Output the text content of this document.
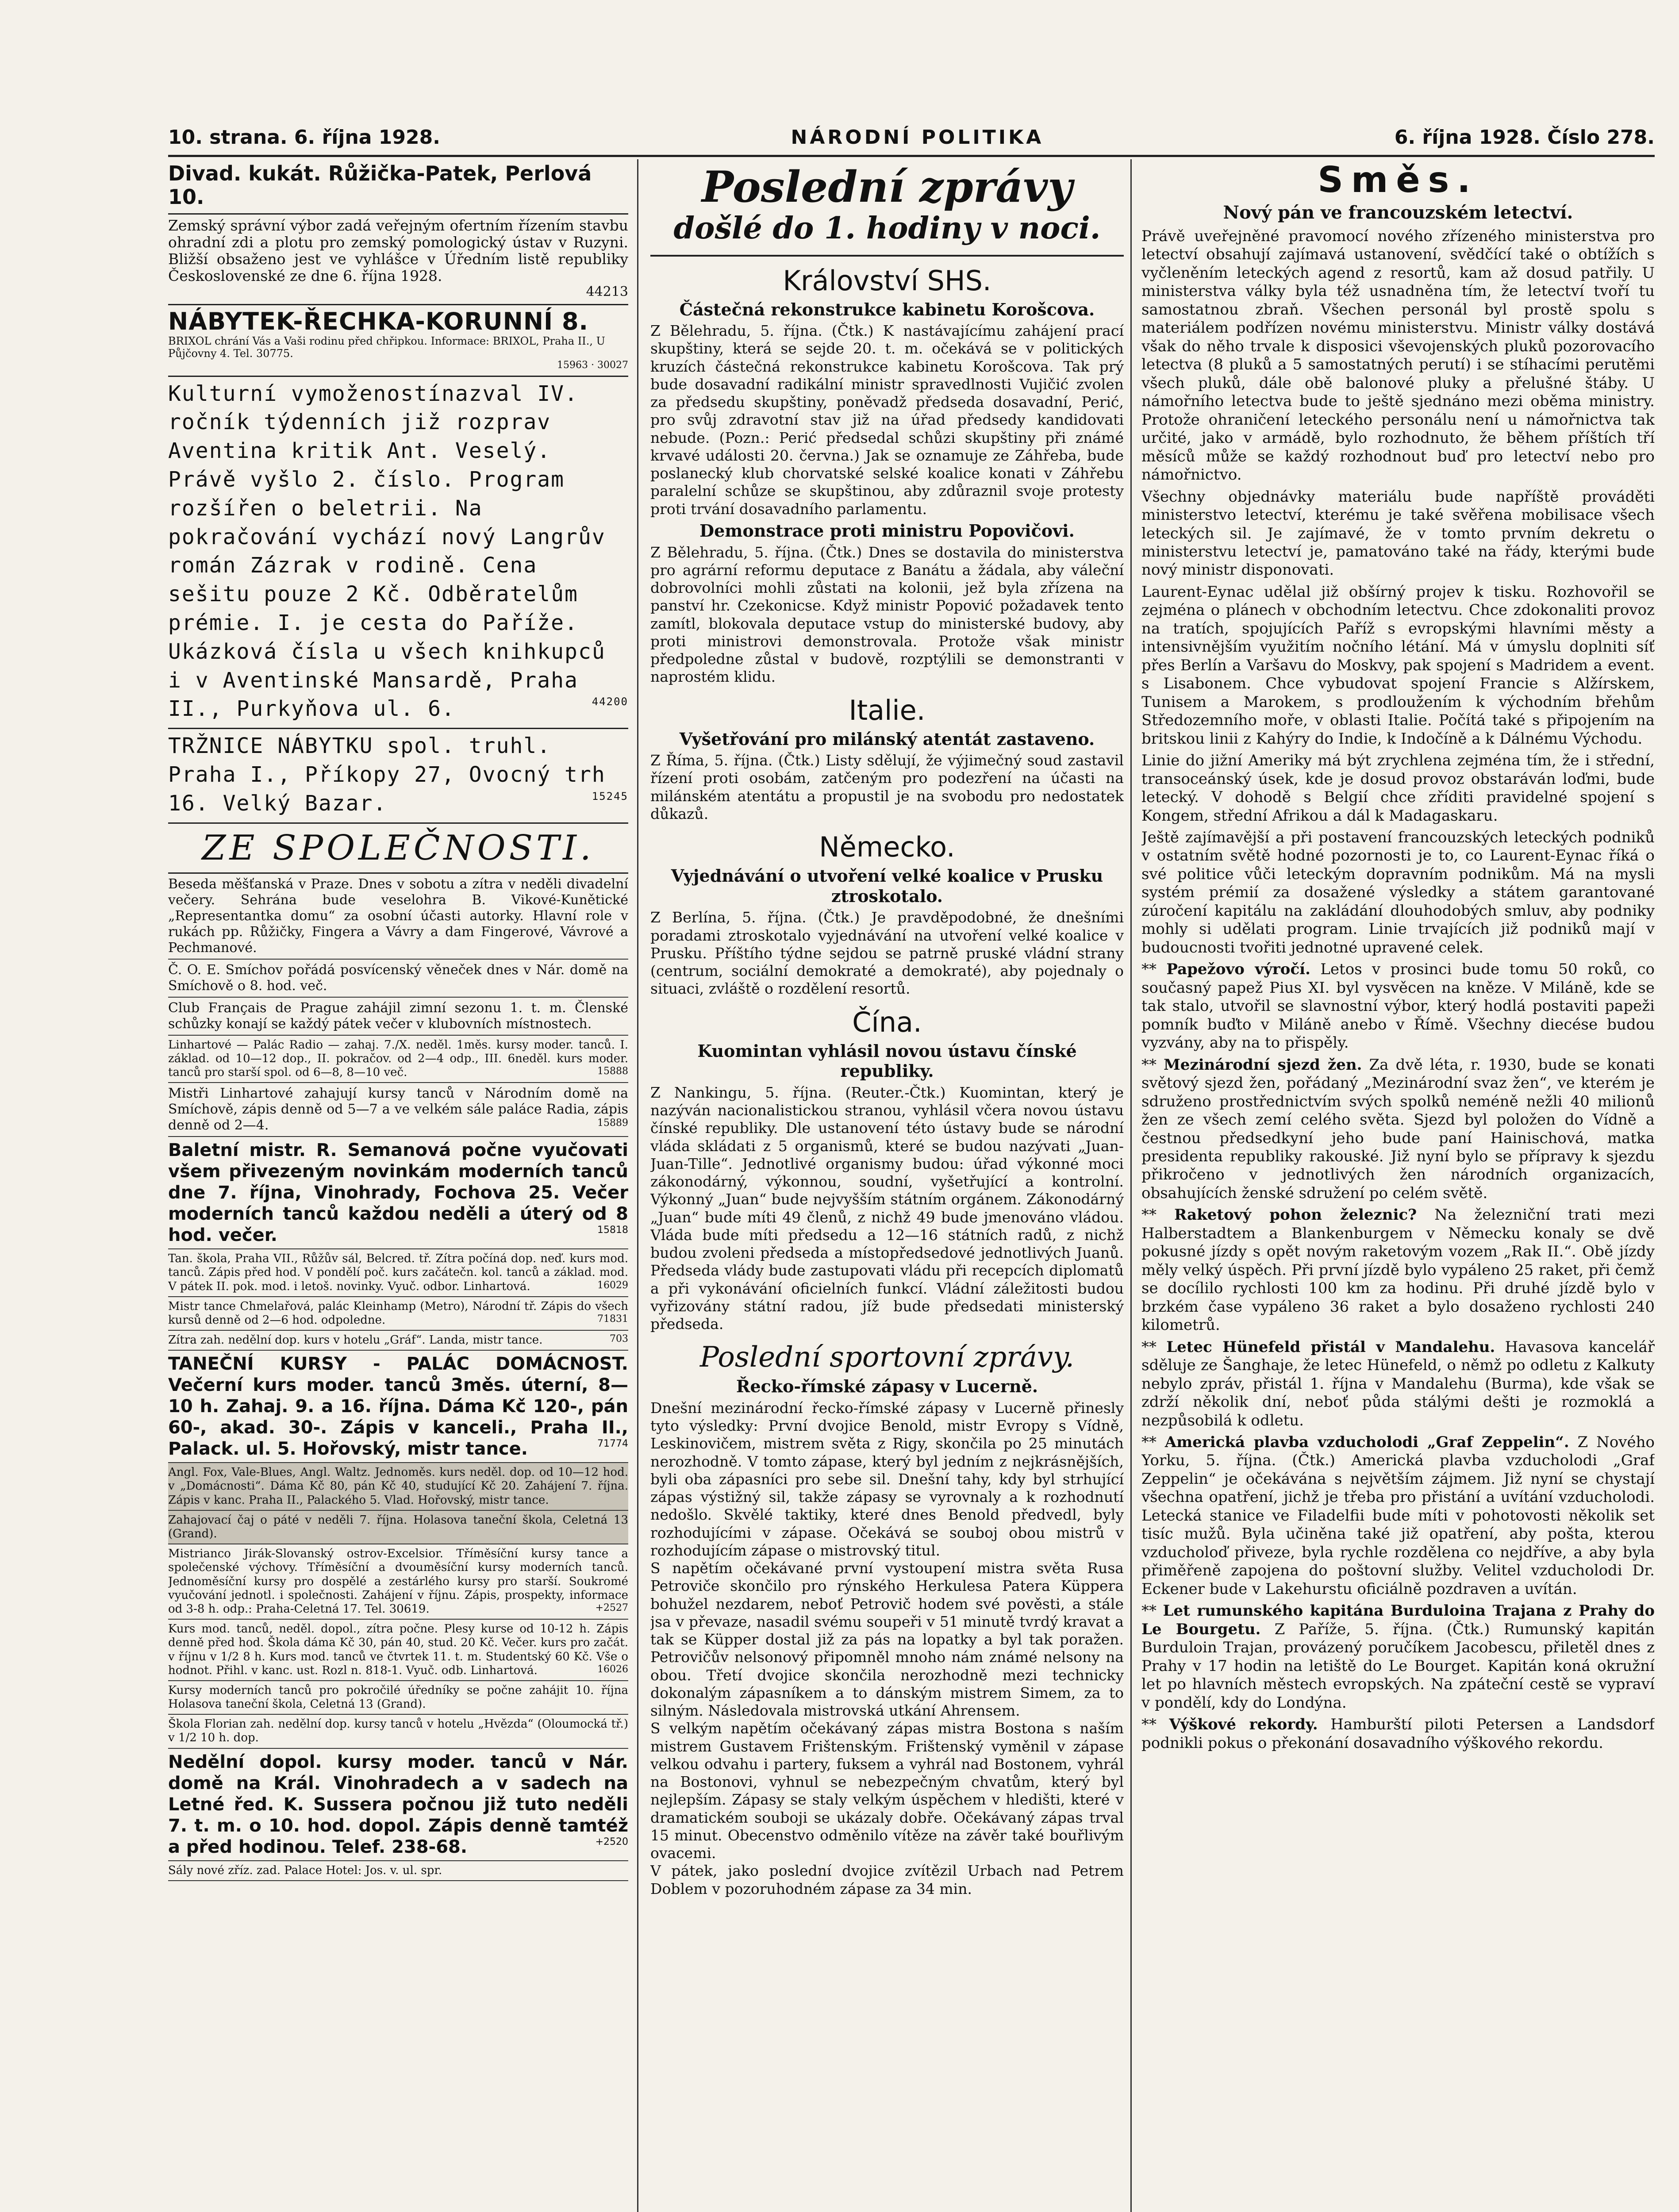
10. strana. 6. října 1928.	NÁRODNÍ POLITIKA	6. října 1928. Číslo 278.
Divad. kukát. Růžička-Patek, Perlová 10.
Zemský správní výbor zadá veřejným ofertním řízením stavbu ohradní zdi a plotu pro zemský pomologický ústav v Ruzyni. Bližší obsaženo jest ve vyhlášce v Úředním listě republiky Československé ze dne 6. října 1928.
44213
NÁBYTEK-ŘECHKA-KORUNNÍ 8.
BRIXOL chrání Vás a Vaši rodinu před chřipkou. Informace: BRIXOL, Praha II., U Půjčovny 4. Tel. 30775.
15963 · 30027
Kulturní vymoženostínazval IV. ročník týdenních již rozprav Aventina kritik Ant. Veselý. Právě vyšlo 2. číslo. Program rozšířen o beletrii. Na pokračování vychází nový Langrův román Zázrak v rodině. Cena sešitu pouze 2 Kč. Odběratelům prémie. I. je cesta do Paříže. Ukázková čísla u všech knihkupců i v Aventinské Mansardě, Praha II., Purkyňova ul. 6.	44200
TRŽNICE NÁBYTKU spol. truhl. Praha I., Příkopy 27, Ovocný trh 16. Velký Bazar.	15245
ZE SPOLEČNOSTI.
Beseda měšťanská v Praze. Dnes v sobotu a zítra v neděli divadelní večery. Sehrána bude veselohra B. Vikové-Kunětické „Representantka domu“ za osobní účasti autorky. Hlavní role v rukách pp. Růžičky, Fingera a Vávry a dam Fingerové, Vávrové a Pechmanové.
Č. O. E. Smíchov pořádá posvícenský věneček dnes v Nár. domě na Smíchově o 8. hod. več.
Club Français de Prague zahájil zimní sezonu 1. t. m. Členské schůzky konají se každý pátek večer v klubovních místnostech.
Linhartové — Palác Radio — zahaj. 7./X. neděl. 1měs. kursy moder. tanců. I. základ. od 10—12 dop., II. pokračov. od 2—4 odp., III. 6neděl. kurs moder. tanců pro starší spol. od 6—8, 8—10 več.	15888
Mistři Linhartové zahajují kursy tanců v Národním domě na Smíchově, zápis denně od 5—7 a ve velkém sále paláce Radia, zápis denně od 2—4.	15889
Baletní mistr. R. Semanová počne vyučovati všem přivezeným novinkám moderních tanců dne 7. října, Vinohrady, Fochova 25. Večer moderních tanců každou neděli a úterý od 8 hod. večer.	15818
Tan. škola, Praha VII., Růžův sál, Belcred. tř. Zítra počíná dop. neď. kurs mod. tanců. Zápis před hod. V pondělí poč. kurs začátečn. kol. tanců a základ. mod. V pátek II. pok. mod. i letoš. novinky. Vyuč. odbor. Linhartová.	16029
Mistr tance Chmelařová, palác Kleinhamp (Metro), Národní tř. Zápis do všech kursů denně od 2—6 hod. odpoledne.	71831
Zítra zah. nedělní dop. kurs v hotelu „Gráf“. Landa, mistr tance.	703
TANEČNÍ KURSY - PALÁC DOMÁCNOST. Večerní kurs moder. tanců 3měs. úterní, 8—10 h. Zahaj. 9. a 16. října. Dáma Kč 120-, pán 60-, akad. 30-. Zápis v kanceli., Praha II., Palack. ul. 5. Hořovský, mistr tance.	71774
Angl. Fox, Vale-Blues, Angl. Waltz. Jednoměs. kurs neděl. dop. od 10—12 hod. v „Domácnosti“. Dáma Kč 80, pán Kč 40, studující Kč 20. Zahájení 7. října. Zápis v kanc. Praha II., Palackého 5. Vlad. Hořovský, mistr tance.
Zahajovací čaj o páté v neděli 7. října. Holasova taneční škola, Celetná 13 (Grand).
Mistrianco Jirák-Slovanský ostrov-Excelsior. Tříměsíční kursy tance a společenské výchovy. Tříměsíční a dvouměsíční kursy moderních tanců. Jednoměsíční kursy pro dospělé a zestárlého kursy pro starší. Soukromé vyučování jednotl. i společnosti. Zahájení v říjnu. Zápis, prospekty, informace od 3-8 h. odp.: Praha-Celetná 17. Tel. 30619.	+2527
Kurs mod. tanců, neděl. dopol., zítra počne. Plesy kurse od 10-12 h. Zápis denně před hod. Škola dáma Kč 30, pán 40, stud. 20 Kč. Večer. kurs pro začát. v říjnu v 1/2 8 h. Kurs mod. tanců ve čtvrtek 11. t. m. Studentský 60 Kč. Vše o hodnot. Přihl. v kanc. ust. Rozl n. 818-1. Vyuč. odb. Linhartová.	16026
Kursy moderních tanců pro pokročilé úředníky se počne zahájit 10. října Holasova taneční škola, Celetná 13 (Grand).
Škola Florian zah. nedělní dop. kursy tanců v hotelu „Hvězda“ (Oloumocká tř.) v 1/2 10 h. dop.
Nedělní dopol. kursy moder. tanců v Nár. domě na Král. Vinohradech a v sadech na Letné řed. K. Sussera počnou již tuto neděli 7. t. m. o 10. hod. dopol. Zápis denně tamtéž a před hodinou. Telef. 238-68.	+2520
Sály nové zříz. zad. Palace Hotel: Jos. v. ul. spr.
Poslední zprávy
došlé do 1. hodiny v noci.
Království SHS.
Částečná rekonstrukce kabinetu Korošcova.

Z Bělehradu, 5. října. (Čtk.) K nastávajícímu zahájení prací skupštiny, která se sejde 20. t. m. očekává se v politických kruzích částečná rekonstrukce kabinetu Korošcova. Tak prý bude dosavadní radikální ministr spravedlnosti Vujičić zvolen za předsedu skupštiny, poněvadž předseda dosavadní, Perić, pro svůj zdravotní stav již na úřad předsedy kandidovati nebude. (Pozn.: Perić předsedal schůzi skupštiny při známé krvavé události 20. června.) Jak se oznamuje ze Záhřeba, bude poslanecký klub chorvatské selské koalice konati v Záhřebu paralelní schůze se skupštinou, aby zdůraznil svoje protesty proti trvání dosavadního parlamentu.

Demonstrace proti ministru Popovičovi.

Z Bělehradu, 5. října. (Čtk.) Dnes se dostavila do ministerstva pro agrární reformu deputace z Banátu a žádala, aby váleční dobrovolníci mohli zůstati na kolonii, jež byla zřízena na panství hr. Czekonicse. Když ministr Popović požadavek tento zamítl, blokovala deputace vstup do ministerské budovy, aby proti ministrovi demonstrovala. Protože však ministr předpoledne zůstal v budově, rozptýlili se demonstranti v naprostém klidu.

Italie.
Vyšetřování pro milánský atentát zastaveno.

Z Říma, 5. října. (Čtk.) Listy sdělují, že výjimečný soud zastavil řízení proti osobám, zatčeným pro podezření na účasti na milánském atentátu a propustil je na svobodu pro nedostatek důkazů.

Německo.
Vyjednávání o utvoření velké koalice v Prusku ztroskotalo.

Z Berlína, 5. října. (Čtk.) Je pravděpodobné, že dnešními poradami ztroskotalo vyjednávání na utvoření velké koalice v Prusku. Příštího týdne sejdou se patrně pruské vládní strany (centrum, sociální demokraté a demokraté), aby pojednaly o situaci, zvláště o rozdělení resortů.

Čína.
Kuomintan vyhlásil novou ústavu čínské republiky.

Z Nankingu, 5. října. (Reuter.-Čtk.) Kuomintan, který je nazýván nacionalistickou stranou, vyhlásil včera novou ústavu čínské republiky. Dle ustanovení této ústavy bude se národní vláda skládati z 5 organismů, které se budou nazývati „Juan-Juan-Tille“. Jednotlivé organismy budou: úřad výkonné moci zákonodárný, výkonnou, soudní, vyšetřující a kontrolní. Výkonný „Juan“ bude nejvyšším státním orgánem. Zákonodárný „Juan“ bude míti 49 členů, z nichž 49 bude jmenováno vládou. Vláda bude míti předsedu a 12—16 státních radů, z nichž budou zvoleni předseda a místopředsedové jednotlivých Juanů. Předseda vlády bude zastupovati vládu při recepcích diplomatů a při vykonávání oficielních funkcí. Vládní záležitosti budou vyřizovány státní radou, jíž bude předsedati ministerský předseda.

Poslední sportovní zprávy.
Řecko-římské zápasy v Lucerně.

Dnešní mezinárodní řecko-římské zápasy v Lucerně přinesly tyto výsledky: První dvojice Benold, mistr Evropy s Vídně, Leskinovičem, mistrem světa z Rigy, skončila po 25 minutách nerozhodně. V tomto zápase, který byl jedním z nejkrásnějších, byli oba zápasníci pro sebe sil. Dnešní tahy, kdy byl strhující zápas výstižný sil, takže zápasy se vyrovnaly a k rozhodnutí nedošlo. Skvělé taktiky, které dnes Benold předvedl, byly rozhodujícími v zápase. Očekává se souboj obou mistrů v rozhodujícím zápase o mistrovský titul.

S napětím očekávané první vystoupení mistra světa Rusa Petroviče skončilo pro rýnského Herkulesa Patera Küppera bohužel nezdarem, neboť Petrovič hodem své pověsti, a stále jsa v převaze, nasadil svému soupeři v 51 minutě tvrdý kravat a tak se Küpper dostal již za pás na lopatky a byl tak poražen. Petrovičův nelsonový připomněl mnoho nám známé nelsony na obou. Třetí dvojice skončila nerozhodně mezi technicky dokonalým zápasníkem a to dánským mistrem Simem, za to silným. Následovala mistrovská utkání Ahrensem.

S velkým napětím očekávaný zápas mistra Bostona s naším mistrem Gustavem Frištenským. Frištenský vyměnil v zápase velkou odvahu i partery, fuksem a vyhrál nad Bostonem, vyhrál na Bostonovi, vyhnul se nebezpečným chvatům, který byl nejlepším. Zápasy se staly velkým úspěchem v hledišti, které v dramatickém souboji se ukázaly dobře. Očekávaný zápas trval 15 minut. Obecenstvo odměnilo vítěze na závěr také bouřlivým ovacemi.

V pátek, jako poslední dvojice zvítězil Urbach nad Petrem Doblem v pozoruhodném zápase za 34 min.

Směs.
Nový pán ve francouzském letectví.

Právě uveřejněné pravomocí nového zřízeného ministerstva pro letectví obsahují zajímavá ustanovení, svědčící také o obtížích s vyčleněním leteckých agend z resortů, kam až dosud patřily. U ministerstva války byla též usnadněna tím, že letectví tvoří tu samostatnou zbraň. Všechen personál byl prostě spolu s materiálem podřízen novému ministerstvu. Ministr války dostává však do něho trvale k disposici vševojenských pluků pozorovacího letectva (8 pluků a 5 samostatných perutí) i se stíhacími perutěmi všech pluků, dále obě balonové pluky a přelušné štáby. U námořního letectva bude to ještě sjednáno mezi oběma ministry. Protože ohraničení leteckého personálu není u námořnictva tak určité, jako v armádě, bylo rozhodnuto, že během příštích tří měsíců může se každý rozhodnout buď pro letectví nebo pro námořnictvo.

Všechny objednávky materiálu bude napříště prováděti ministerstvo letectví, kterému je také svěřena mobilisace všech leteckých sil. Je zajímavé, že v tomto prvním dekretu o ministerstvu letectví je, pamatováno také na řády, kterými bude nový ministr disponovati.

Laurent-Eynac udělal již obšírný projev k tisku. Rozhovořil se zejména o plánech v obchodním letectvu. Chce zdokonaliti provoz na tratích, spojujících Paříž s evropskými hlavními městy a intensivnějším využitím nočního létání. Má v úmyslu doplniti síť přes Berlín a Varšavu do Moskvy, pak spojení s Madridem a event. s Lisabonem. Chce vybudovat spojení Francie s Alžírskem, Tunisem a Marokem, s prodloužením k východním břehům Středozemního moře, v oblasti Italie. Počítá také s připojením na britskou linii z Kahýry do Indie, k Indočíně a k Dálnému Východu.

Linie do jižní Ameriky má být zrychlena zejména tím, že i střední, transoceánský úsek, kde je dosud provoz obstaráván loďmi, bude letecký. V dohodě s Belgií chce zříditi pravidelné spojení s Kongem, střední Afrikou a dál k Madagaskaru.

Ještě zajímavější a při postavení francouzských leteckých podniků v ostatním světě hodné pozornosti je to, co Laurent-Eynac říká o své politice vůči leteckým dopravním podnikům. Má na mysli systém prémií za dosažené výsledky a státem garantované zúročení kapitálu na zakládání dlouhodobých smluv, aby podniky mohly si udělati program. Linie trvajících již podniků mají v budoucnosti tvořiti jednotné upravené celek.

** Papežovo výročí. Letos v prosinci bude tomu 50 roků, co současný papež Pius XI. byl vysvěcen na kněze. V Miláně, kde se tak stalo, utvořil se slavnostní výbor, který hodlá postaviti papeži pomník buďto v Miláně anebo v Římě. Všechny diecése budou vyzvány, aby na to přispěly.

** Mezinárodní sjezd žen. Za dvě léta, r. 1930, bude se konati světový sjezd žen, pořádaný „Mezinárodní svaz žen“, ve kterém je sdruženo prostřednictvím svých spolků neméně nežli 40 milionů žen ze všech zemí celého světa. Sjezd byl položen do Vídně a čestnou předsedkyní jeho bude paní Hainischová, matka presidenta republiky rakouské. Již nyní bylo se přípravy k sjezdu přikročeno v jednotlivých žen národních organizacích, obsahujících ženské sdružení po celém světě.

** Raketový pohon železnic? Na železniční trati mezi Halberstadtem a Blankenburgem v Německu konaly se dvě pokusné jízdy s opět novým raketovým vozem „Rak II.“. Obě jízdy měly velký úspěch. Při první jízdě bylo vypáleno 25 raket, při čemž se docílilo rychlosti 100 km za hodinu. Při druhé jízdě bylo v brzkém čase vypáleno 36 raket a bylo dosaženo rychlosti 240 kilometrů.

** Letec Hünefeld přistál v Mandalehu. Havasova kancelář sděluje ze Šanghaje, že letec Hünefeld, o němž po odletu z Kalkuty nebylo zpráv, přistál 1. října v Mandalehu (Burma), kde však se zdrží několik dní, neboť půda stálými dešti je rozmoklá a nezpůsobilá k odletu.

** Americká plavba vzducholodi „Graf Zeppelin“. Z Nového Yorku, 5. října. (Čtk.) Americká plavba vzducholodi „Graf Zeppelin“ je očekávána s největším zájmem. Již nyní se chystají všechna opatření, jichž je třeba pro přistání a uvítání vzducholodi. Letecká stanice ve Filadelfii bude míti v pohotovosti několik set tisíc mužů. Byla učiněna také již opatření, aby pošta, kterou vzducholoď přiveze, byla rychle rozdělena co nejdříve, a aby byla přiměřeně zapojena do poštovní služby. Velitel vzducholodi Dr. Eckener bude v Lakehurstu oficiálně pozdraven a uvítán.

** Let rumunského kapitána Burduloina Trajana z Prahy do Le Bourgetu. Z Paříže, 5. října. (Čtk.) Rumunský kapitán Burduloin Trajan, provázený poručíkem Jacobescu, přiletěl dnes z Prahy v 17 hodin na letiště do Le Bourget. Kapitán koná okružní let po hlavních městech evropských. Na zpáteční cestě se vypraví v pondělí, kdy do Londýna.

** Výškové rekordy. Hamburští piloti Petersen a Landsdorf podnikli pokus o překonání dosavadního výškového rekordu.
